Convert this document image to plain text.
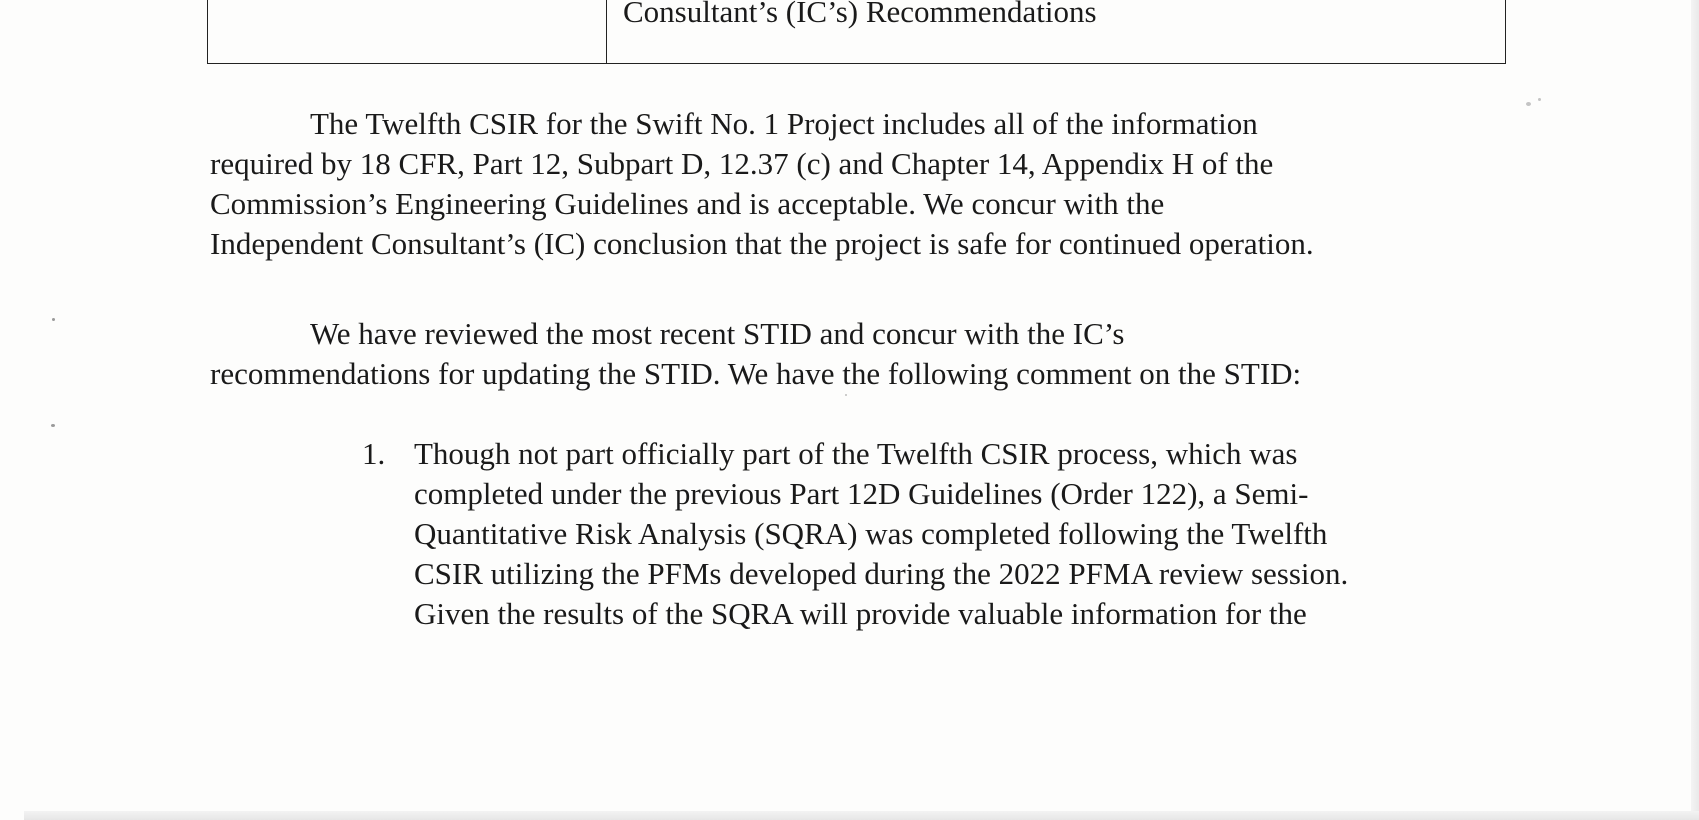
Consultant’s (IC’s) Recommendations
The Twelfth CSIR for the Swift No. 1 Project includes all of the information
required by 18 CFR, Part 12, Subpart D, 12.37 (c) and Chapter 14, Appendix H of the
Commission’s Engineering Guidelines and is acceptable. We concur with the
Independent Consultant’s (IC) conclusion that the project is safe for continued operation.
We have reviewed the most recent STID and concur with the IC’s
recommendations for updating the STID. We have the following comment on the STID:
1. Though not part officially part of the Twelfth CSIR process, which was
completed under the previous Part 12D Guidelines (Order 122), a Semi-
Quantitative Risk Analysis (SQRA) was completed following the Twelfth
CSIR utilizing the PFMs developed during the 2022 PFMA review session.
Given the results of the SQRA will provide valuable information for the
